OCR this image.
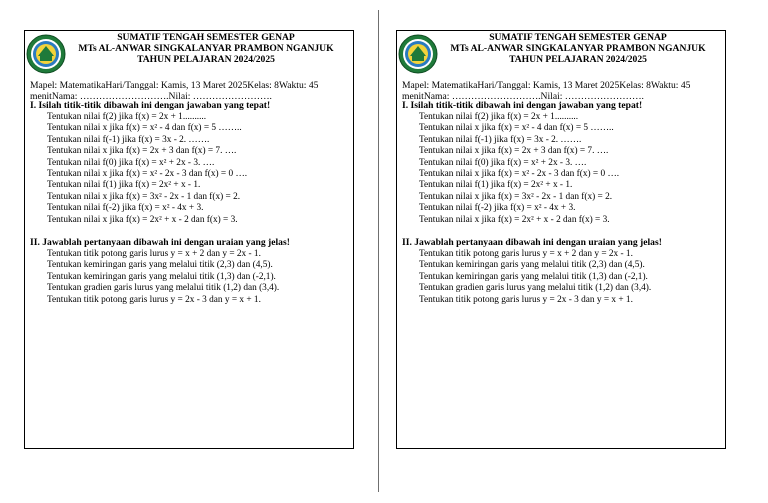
SUMATIF TENGAH SEMESTER GENAP
MTs AL-ANWAR SINGKALANYAR PRAMBON NGANJUK
TAHUN PELAJARAN 2024/2025
Mapel: MatematikaHari/Tanggal: Kamis, 13 Maret 2025Kelas: 8Waktu: 45
menitNama: ……………………….Nilai: …………………….
I. Isilah titik-titik dibawah ini dengan jawaban yang tepat!
Tentukan nilai f(2) jika f(x) = 2x + 1..........
Tentukan nilai x jika f(x) = x² - 4 dan f(x) = 5 ……..
Tentukan nilai f(-1) jika f(x) = 3x - 2. …….
Tentukan nilai x jika f(x) = 2x + 3 dan f(x) = 7. ….
Tentukan nilai f(0) jika f(x) = x² + 2x - 3. ….
Tentukan nilai x jika f(x) = x² - 2x - 3 dan f(x) = 0 ….
Tentukan nilai f(1) jika f(x) = 2x² + x - 1.
Tentukan nilai x jika f(x) = 3x² - 2x - 1 dan f(x) = 2.
Tentukan nilai f(-2) jika f(x) = x² - 4x + 3.
Tentukan nilai x jika f(x) = 2x² + x - 2 dan f(x) = 3.
II. Jawablah pertanyaan dibawah ini dengan uraian yang jelas!
Tentukan titik potong garis lurus y = x + 2 dan y = 2x - 1.
Tentukan kemiringan garis yang melalui titik (2,3) dan (4,5).
Tentukan kemiringan garis yang melalui titik (1,3) dan (-2,1).
Tentukan gradien garis lurus yang melalui titik (1,2) dan (3,4).
Tentukan titik potong garis lurus y = 2x - 3 dan y = x + 1.
SUMATIF TENGAH SEMESTER GENAP
MTs AL-ANWAR SINGKALANYAR PRAMBON NGANJUK
TAHUN PELAJARAN 2024/2025
Mapel: MatematikaHari/Tanggal: Kamis, 13 Maret 2025Kelas: 8Waktu: 45
menitNama: ……………………….Nilai: …………………….
I. Isilah titik-titik dibawah ini dengan jawaban yang tepat!
Tentukan nilai f(2) jika f(x) = 2x + 1..........
Tentukan nilai x jika f(x) = x² - 4 dan f(x) = 5 ……..
Tentukan nilai f(-1) jika f(x) = 3x - 2. …….
Tentukan nilai x jika f(x) = 2x + 3 dan f(x) = 7. ….
Tentukan nilai f(0) jika f(x) = x² + 2x - 3. ….
Tentukan nilai x jika f(x) = x² - 2x - 3 dan f(x) = 0 ….
Tentukan nilai f(1) jika f(x) = 2x² + x - 1.
Tentukan nilai x jika f(x) = 3x² - 2x - 1 dan f(x) = 2.
Tentukan nilai f(-2) jika f(x) = x² - 4x + 3.
Tentukan nilai x jika f(x) = 2x² + x - 2 dan f(x) = 3.
II. Jawablah pertanyaan dibawah ini dengan uraian yang jelas!
Tentukan titik potong garis lurus y = x + 2 dan y = 2x - 1.
Tentukan kemiringan garis yang melalui titik (2,3) dan (4,5).
Tentukan kemiringan garis yang melalui titik (1,3) dan (-2,1).
Tentukan gradien garis lurus yang melalui titik (1,2) dan (3,4).
Tentukan titik potong garis lurus y = 2x - 3 dan y = x + 1.
